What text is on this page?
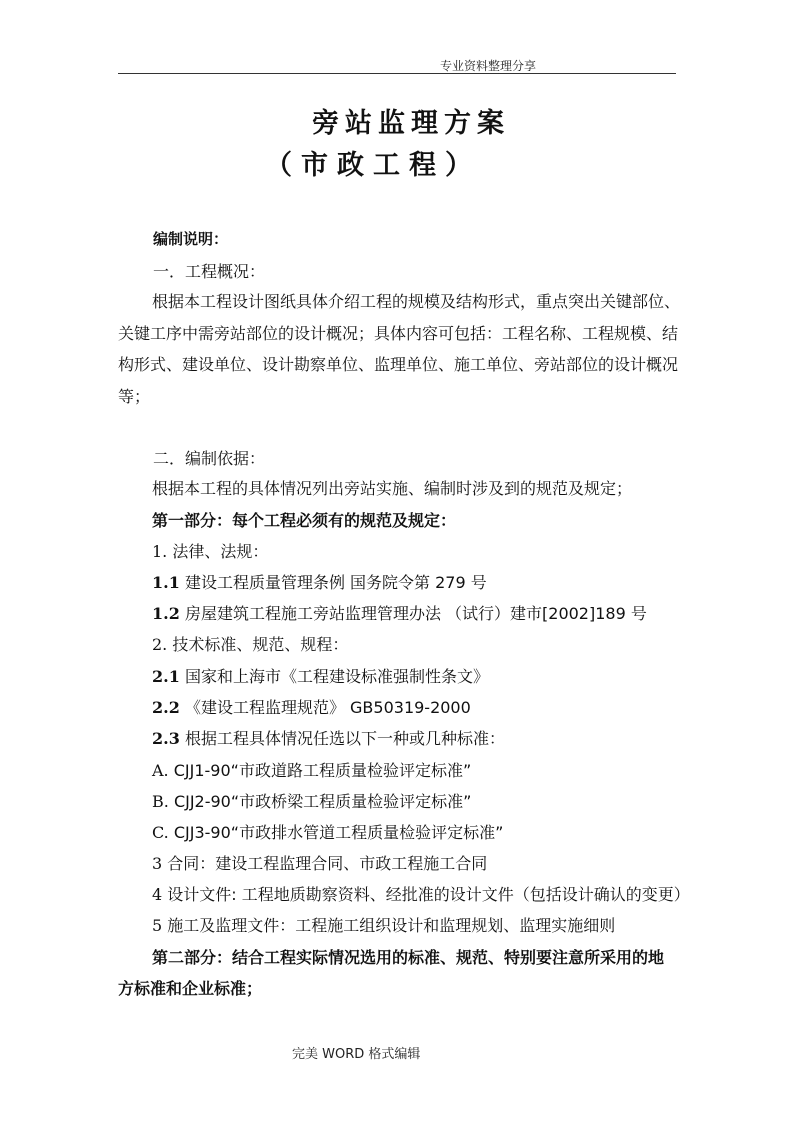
专业资料整理分享
旁站监理方案
（市政工程）
编制说明：
一．工程概况：
根据本工程设计图纸具体介绍工程的规模及结构形式，重点突出关键部位、
关键工序中需旁站部位的设计概况；具体内容可包括：工程名称、工程规模、结
构形式、建设单位、设计勘察单位、监理单位、施工单位、旁站部位的设计概况
等；
二．编制依据：
根据本工程的具体情况列出旁站实施、编制时涉及到的规范及规定；
第一部分：每个工程必须有的规范及规定：
1. 法律、法规：
1.1 建设工程质量管理条例 国务院令第 279 号
1.2 房屋建筑工程施工旁站监理管理办法 （试行）建市[2002]189 号
2. 技术标准、规范、规程：
2.1 国家和上海市《工程建设标准强制性条文》
2.2 《建设工程监理规范》 GB50319-2000
2.3 根据工程具体情况任选以下一种或几种标准：
A. CJJ1-90“市政道路工程质量检验评定标准”
B. CJJ2-90“市政桥梁工程质量检验评定标准”
C. CJJ3-90“市政排水管道工程质量检验评定标准”
3 合同：建设工程监理合同、市政工程施工合同
4 设计文件: 工程地质勘察资料、经批准的设计文件（包括设计确认的变更）
5 施工及监理文件：工程施工组织设计和监理规划、监理实施细则
第二部分：结合工程实际情况选用的标准、规范、特别要注意所采用的地
方标准和企业标准；
完美 WORD 格式编辑
